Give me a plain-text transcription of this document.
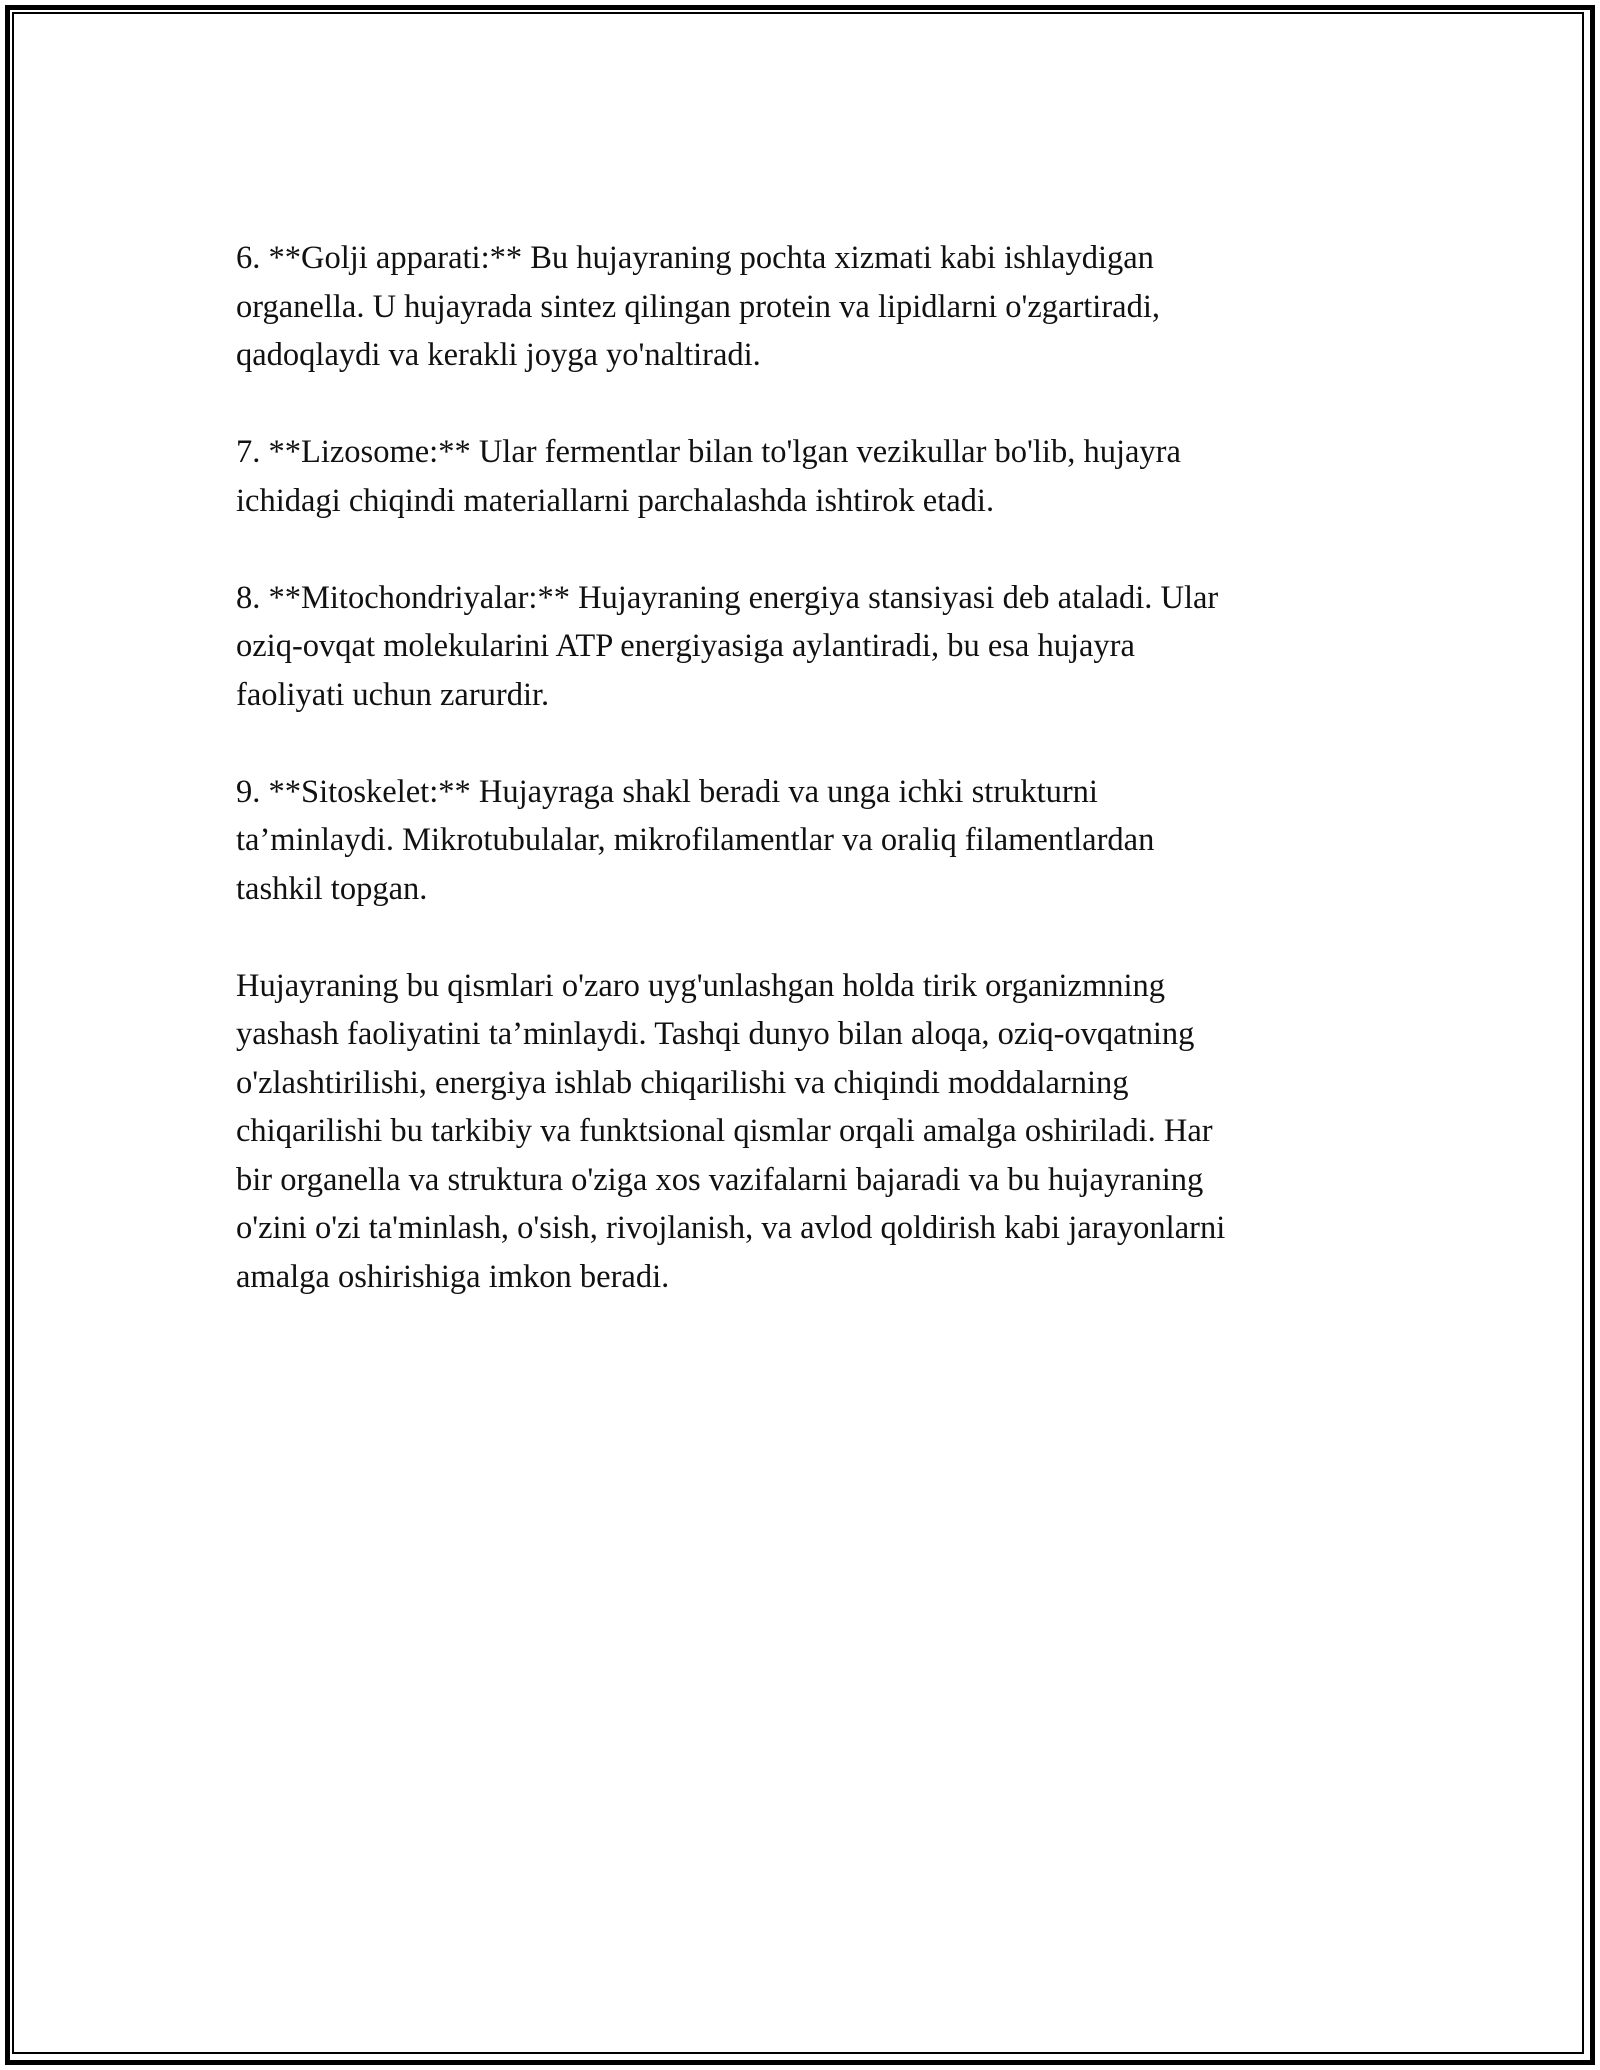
6. **Golji apparati:** Bu hujayraning pochta xizmati kabi ishlaydigan
organella. U hujayrada sintez qilingan protein va lipidlarni o'zgartiradi,
qadoqlaydi va kerakli joyga yo'naltiradi.

7. **Lizosome:** Ular fermentlar bilan to'lgan vezikullar bo'lib, hujayra
ichidagi chiqindi materiallarni parchalashda ishtirok etadi.

8. **Mitochondriyalar:** Hujayraning energiya stansiyasi deb ataladi. Ular
oziq-ovqat molekularini ATP energiyasiga aylantiradi, bu esa hujayra
faoliyati uchun zarurdir.

9. **Sitoskelet:** Hujayraga shakl beradi va unga ichki strukturni
ta’minlaydi. Mikrotubulalar, mikrofilamentlar va oraliq filamentlardan
tashkil topgan.

Hujayraning bu qismlari o'zaro uyg'unlashgan holda tirik organizmning
yashash faoliyatini ta’minlaydi. Tashqi dunyo bilan aloqa, oziq-ovqatning
o'zlashtirilishi, energiya ishlab chiqarilishi va chiqindi moddalarning
chiqarilishi bu tarkibiy va funktsional qismlar orqali amalga oshiriladi. Har
bir organella va struktura o'ziga xos vazifalarni bajaradi va bu hujayraning
o'zini o'zi ta'minlash, o'sish, rivojlanish, va avlod qoldirish kabi jarayonlarni
amalga oshirishiga imkon beradi.
